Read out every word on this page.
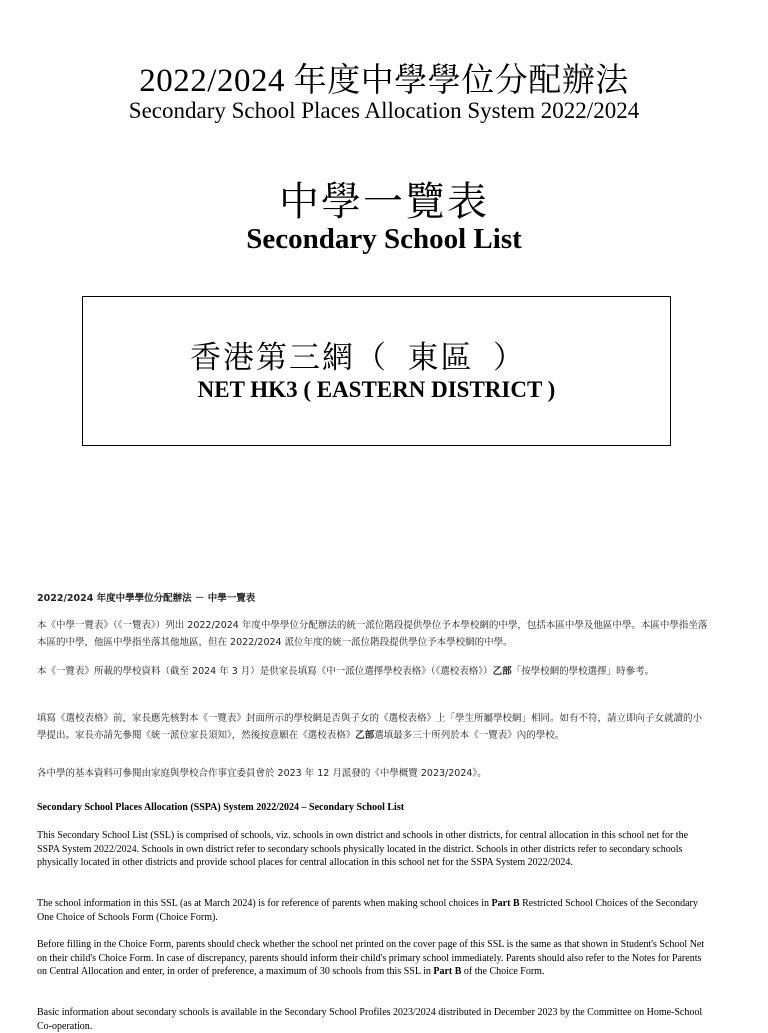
2022/2024 年度中學學位分配辦法
Secondary School Places Allocation System 2022/2024
中學一覽表
Secondary School List
香港第三網（  東區  ）
NET HK3 ( EASTERN DISTRICT )
2022/2024 年度中學學位分配辦法 － 中學一覽表
本《中學一覽表》（《一覽表》）列出 2022/2024 年度中學學位分配辦法的統一派位階段提供學位予本學校網的中學，包括本區中學及他區中學。本區中學指坐落本區的中學，他區中學指坐落其他地區，但在 2022/2024 派位年度的統一派位階段提供學位予本學校網的中學。
本《一覽表》所載的學校資料（截至 2024 年 3 月）是供家長填寫《中一派位選擇學校表格》（《選校表格》）乙部「按學校網的學校選擇」時參考。
填寫《選校表格》前，家長應先核對本《一覽表》封面所示的學校網是否與子女的《選校表格》上「學生所屬學校網」相同。如有不符，請立即向子女就讀的小學提出。家長亦請先參閱《統一派位家長須知》，然後按意願在《選校表格》乙部選填最多三十所列於本《一覽表》內的學校。
各中學的基本資料可參閱由家庭與學校合作事宜委員會於 2023 年 12 月派發的《中學概覽 2023/2024》。
Secondary School Places Allocation (SSPA) System 2022/2024 – Secondary School List
This Secondary School List (SSL) is comprised of schools, viz. schools in own district and schools in other districts, for central allocation in this school net for the SSPA System 2022/2024. Schools in own district refer to secondary schools physically located in the district. Schools in other districts refer to secondary schools physically located in other districts and provide school places for central allocation in this school net for the SSPA System 2022/2024.
The school information in this SSL (as at March 2024) is for reference of parents when making school choices in Part B Restricted School Choices of the Secondary One Choice of Schools Form (Choice Form).
Before filling in the Choice Form, parents should check whether the school net printed on the cover page of this SSL is the same as that shown in Student's School Net on their child's Choice Form. In case of discrepancy, parents should inform their child's primary school immediately. Parents should also refer to the Notes for Parents on Central Allocation and enter, in order of preference, a maximum of 30 schools from this SSL in Part B of the Choice Form.
Basic information about secondary schools is available in the Secondary School Profiles 2023/2024 distributed in December 2023 by the Committee on Home-School Co-operation.
